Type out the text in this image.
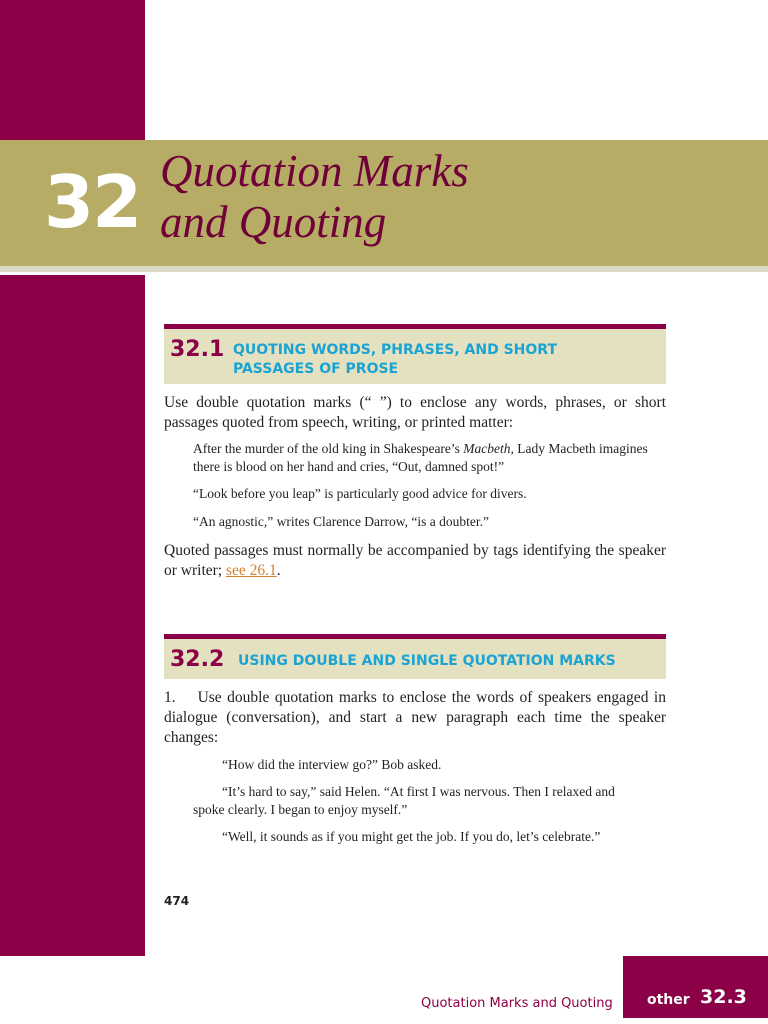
32 Quotation Marks
and Quoting
32.1 QUOTING WORDS, PHRASES, AND SHORT
PASSAGES OF PROSE

Use double quotation marks (“ ”) to enclose any words, phrases, or short passages quoted from speech, writing, or printed matter:

After the murder of the old king in Shakespeare’s Macbeth, Lady Macbeth imagines there is blood on her hand and cries, “Out, damned spot!”

“Look before you leap” is particularly good advice for divers.

“An agnostic,” writes Clarence Darrow, “is a doubter.”

Quoted passages must normally be accompanied by tags identifying the speaker or writer; see 26.1.

32.2 USING DOUBLE AND SINGLE QUOTATION MARKS

1.    Use double quotation marks to enclose the words of speakers engaged in dialogue (conversation), and start a new paragraph each time the speaker changes:

“How did the interview go?” Bob asked.

“It’s hard to say,” said Helen. “At first I was nervous. Then I relaxed and spoke clearly. I began to enjoy myself.”

“Well, it sounds as if you might get the job. If you do, let’s celebrate.”

474
Quotation Marks and Quoting other 32.3
